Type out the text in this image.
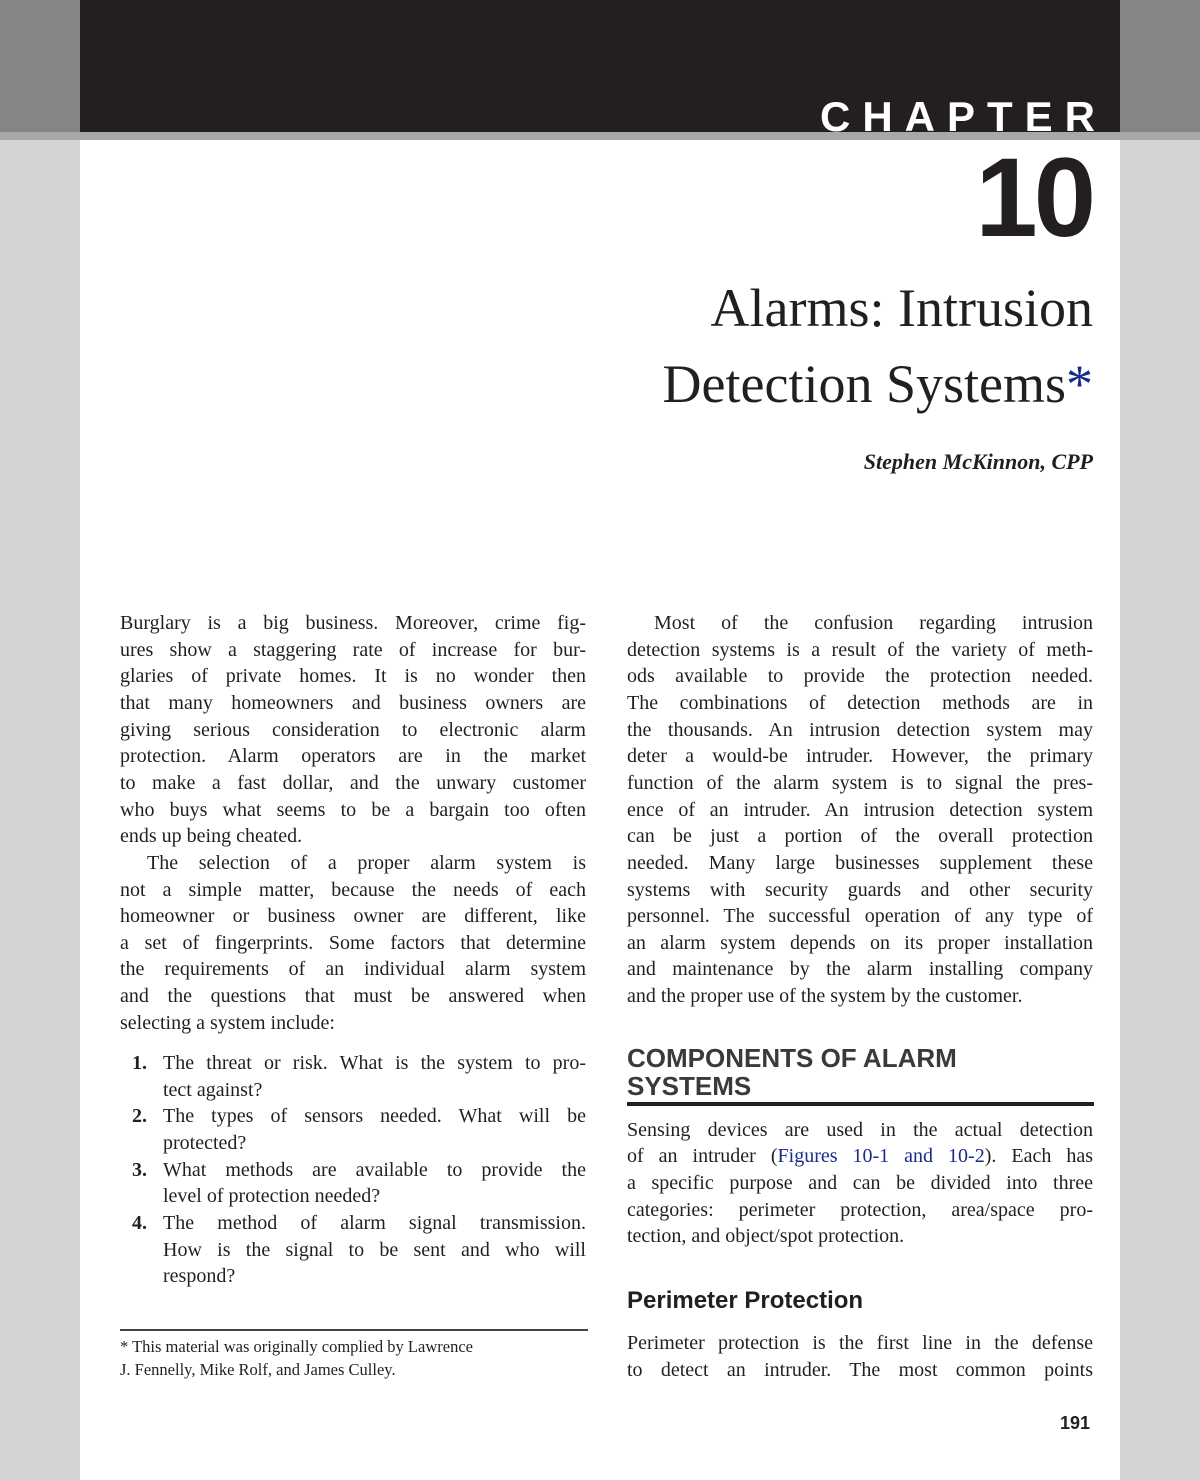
CHAPTER
10
Alarms: Intrusion
Detection Systems*
Stephen McKinnon, CPP
* This material was originally complied by Lawrence
J. Fennelly, Mike Rolf, and James Culley.
COMPONENTS OF ALARM
SYSTEMS
Sensing devices are used in the actual detection
of an intruder (Figures 10-1 and 10-2). Each has
Perimeter Protection
191
Burglary is a big business. Moreover, crime fig-
ures show a staggering rate of increase for bur-
glaries of private homes. It is no wonder then
that many homeowners and business owners are
giving serious consideration to electronic alarm
protection. Alarm operators are in the market
to make a fast dollar, and the unwary customer
who buys what seems to be a bargain too often
ends up being cheated.
The selection of a proper alarm system is
not a simple matter, because the needs of each
homeowner or business owner are different, like
a set of fingerprints. Some factors that determine
the requirements of an individual alarm system
and the questions that must be answered when
selecting a system include:
1. The threat or risk. What is the system to pro-
tect against?
2. The types of sensors needed. What will be
protected?
3. What methods are available to provide the
level of protection needed?
4. The method of alarm signal transmission.
How is the signal to be sent and who will
respond?
Most of the confusion regarding intrusion
detection systems is a result of the variety of meth-
ods available to provide the protection needed.
The combinations of detection methods are in
the thousands. An intrusion detection system may
deter a would-be intruder. However, the primary
function of the alarm system is to signal the pres-
ence of an intruder. An intrusion detection system
can be just a portion of the overall protection
needed. Many large businesses supplement these
systems with security guards and other security
personnel. The successful operation of any type of
an alarm system depends on its proper installation
and maintenance by the alarm installing company
and the proper use of the system by the customer.
a specific purpose and can be divided into three
categories: perimeter protection, area/space pro-
tection, and object/spot protection.
Perimeter protection is the first line in the defense
to detect an intruder. The most common points
